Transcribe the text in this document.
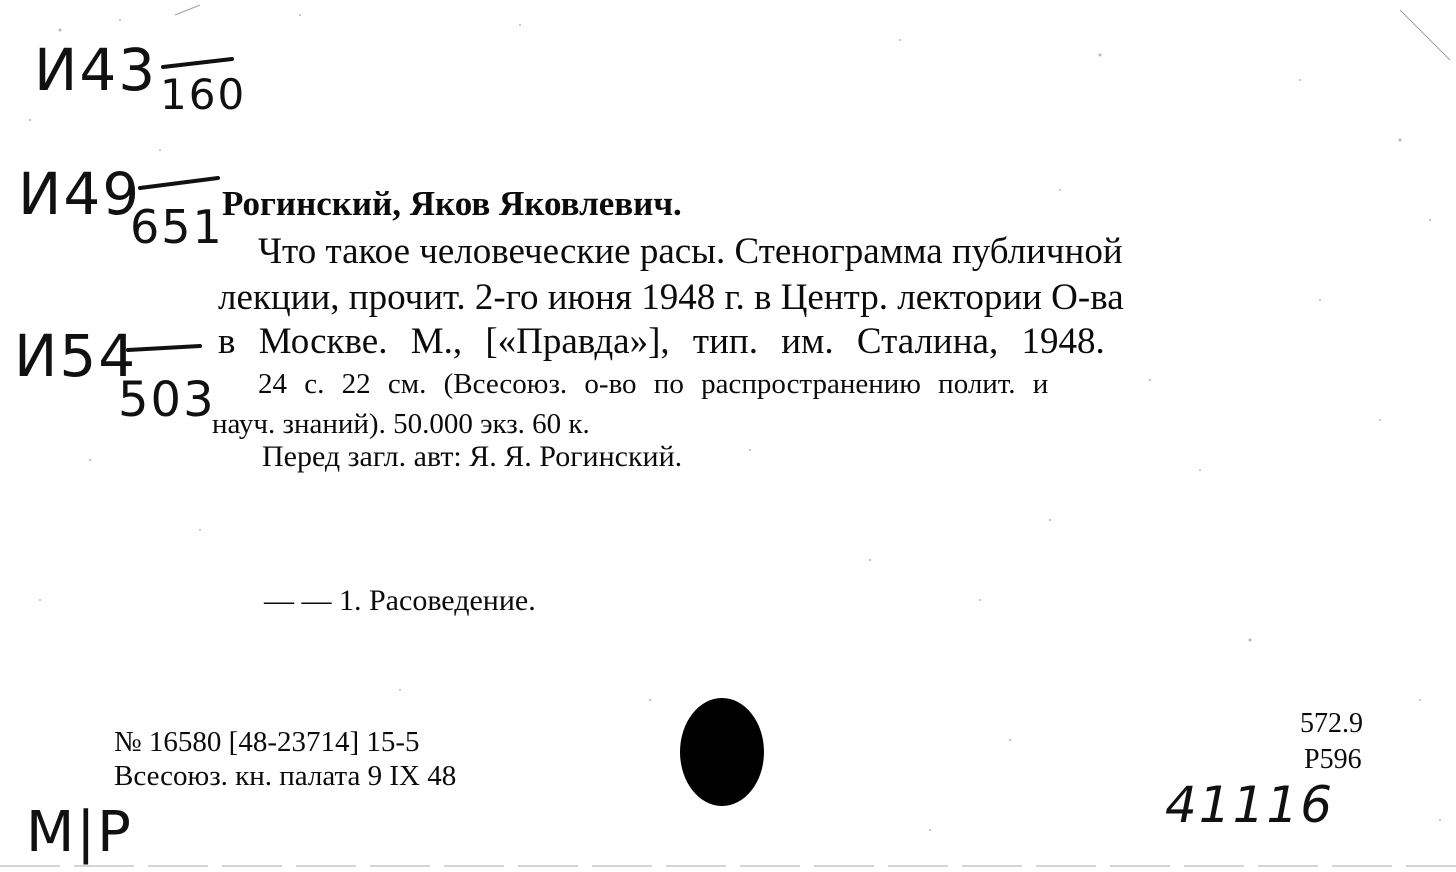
И43 160
И49
651
И54
503
М|Р	41116
Рогинский, Яков Яковлевич.
Что такое человеческие расы. Стенограмма публичной
лекции, прочит. 2-го июня 1948 г. в Центр. лектории О-ва
в Москве. М., [«Правда»], тип. им. Сталина, 1948.
24 с. 22 см. (Всесоюз. о-во по распространению полит. и
науч. знаний). 50.000 экз. 60 к.
Перед загл. авт: Я. Я. Рогинский.
— — 1. Расоведение.
№ 16580 [48-23714] 15-5
Всесоюз. кн. палата 9 IX 48
572.9
Р596
